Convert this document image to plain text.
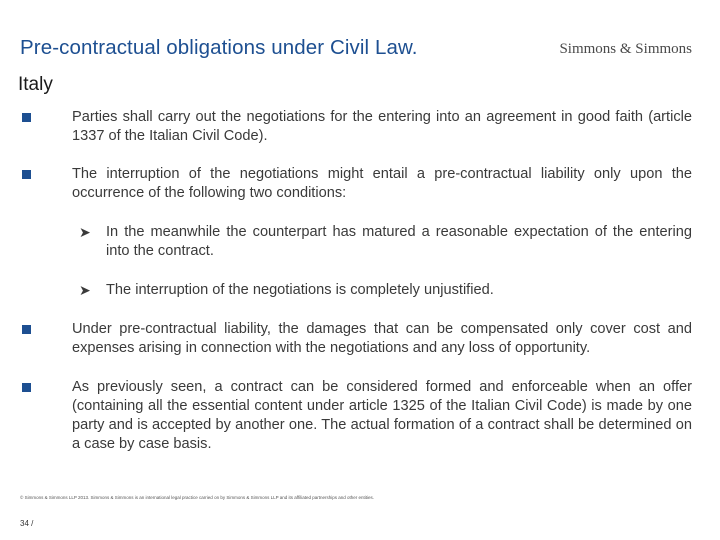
Pre-contractual obligations under Civil Law.	Simmons & Simmons
Italy
Parties shall carry out the negotiations for the entering into an agreement in good faith (article 1337 of the Italian Civil Code).
The interruption of the negotiations might entail a pre-contractual liability only upon the occurrence of the following two conditions:
➤ In the meanwhile the counterpart has matured a reasonable expectation of the entering into the contract.
➤ The interruption of the negotiations is completely unjustified.
Under pre-contractual liability, the damages that can be compensated only cover cost and expenses arising in connection with the negotiations and any loss of opportunity.
As previously seen, a contract can be considered formed and enforceable when an offer (containing all the essential content under article 1325 of the Italian Civil Code) is made by one party and is accepted by another one. The actual formation of a contract shall be determined on a case by case basis.
© Simmons & Simmons LLP 2013. Simmons & Simmons is an international legal practice carried on by Simmons & Simmons LLP and its affiliated partnerships and other entities.
34 /
